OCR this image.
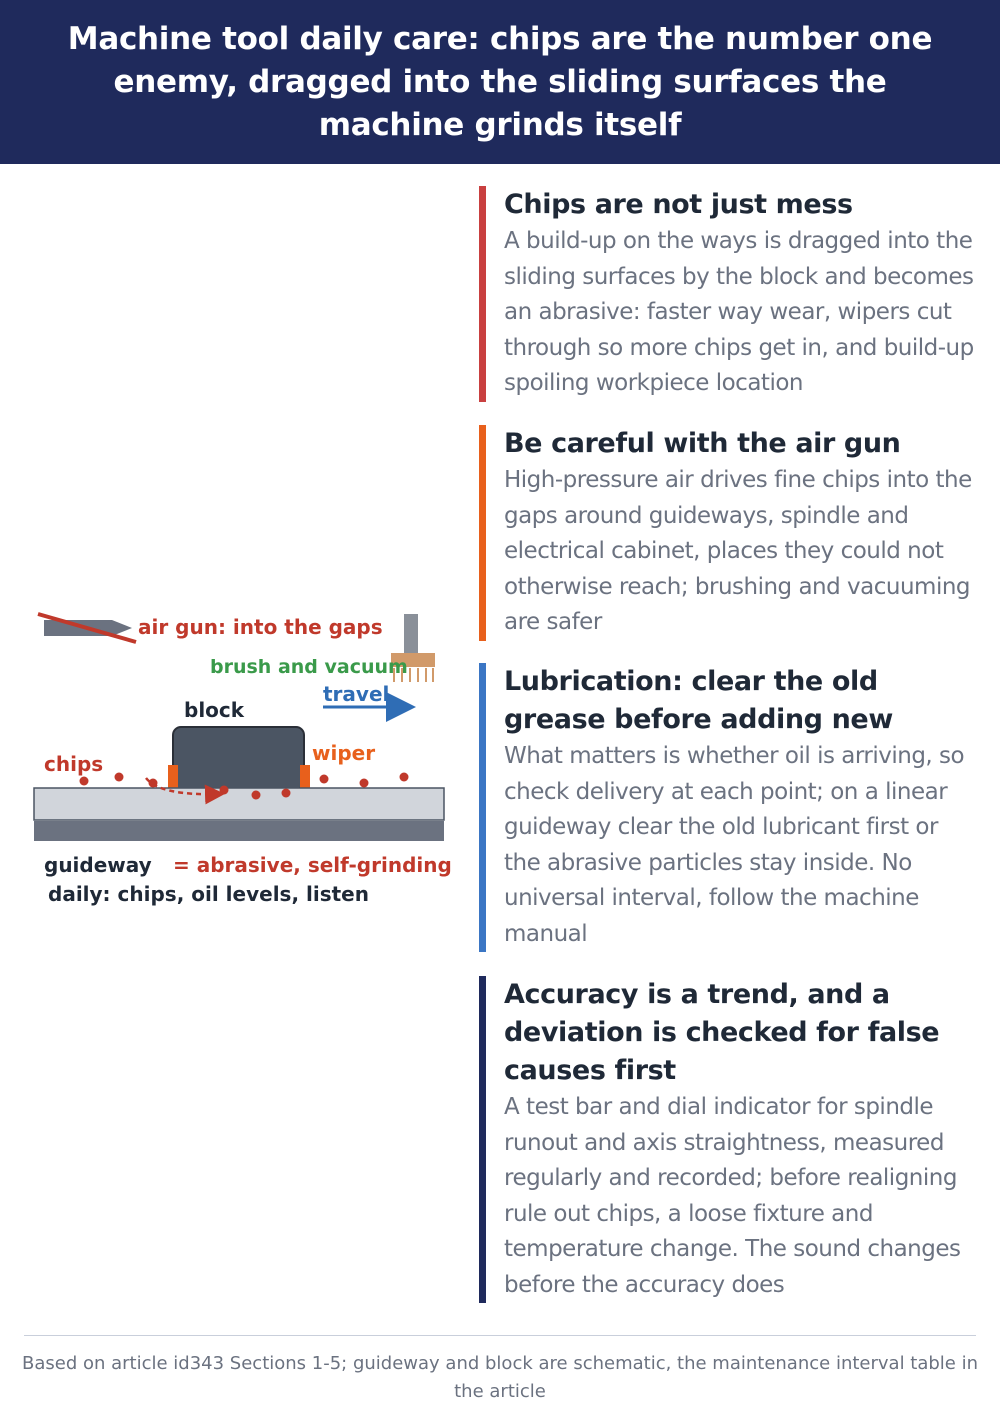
Machine tool daily care: chips are the number one enemy, dragged into the sliding surfaces the machine grinds itself
air gun: into the gaps
brush and vacuum
travel
block
wiper
chips
guideway = abrasive, self-grinding
daily: chips, oil levels, listen
Chips are not just mess

A build-up on the ways is dragged into the sliding surfaces by the block and becomes an abrasive: faster way wear, wipers cut through so more chips get in, and build-up spoiling workpiece location

Be careful with the air gun

High-pressure air drives fine chips into the gaps around guideways, spindle and electrical cabinet, places they could not otherwise reach; brushing and vacuuming are safer

Lubrication: clear the old grease before adding new

What matters is whether oil is arriving, so check delivery at each point; on a linear guideway clear the old lubricant first or the abrasive particles stay inside. No universal interval, follow the machine manual

Accuracy is a trend, and a deviation is checked for false causes first

A test bar and dial indicator for spindle runout and axis straightness, measured regularly and recorded; before realigning rule out chips, a loose fixture and temperature change. The sound changes before the accuracy does

Based on article id343 Sections 1-5; guideway and block are schematic, the maintenance interval table in the article
